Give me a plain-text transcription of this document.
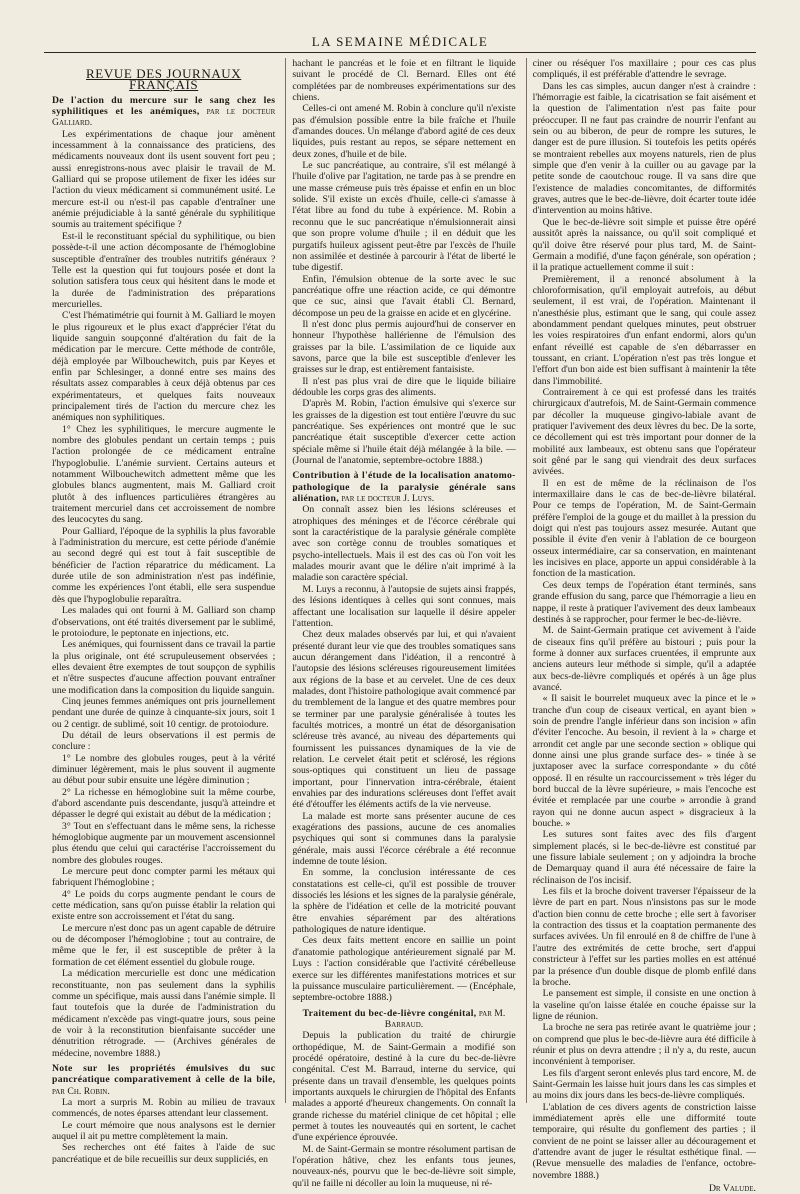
LA SEMAINE MÉDICALE
REVUE DES JOURNAUX FRANÇAIS

De l'action du mercure sur le sang chez les syphilitiques et les anémiques, par le docteur Galliard.

Les expérimentations de chaque jour amènent incessamment à la connaissance des praticiens, des médicaments nouveaux dont ils usent souvent fort peu ; aussi enregistrons-nous avec plaisir le travail de M. Galliard qui se propose utilement de fixer les idées sur l'action du vieux médicament si communément usité. Le mercure est-il ou n'est-il pas capable d'entraîner une anémie préjudiciable à la santé générale du syphilitique soumis au traitement spécifique ?

Est-il le reconstituant spécial du syphilitique, ou bien possède-t-il une action décomposante de l'hémoglobine susceptible d'entraîner des troubles nutritifs généraux ? Telle est la question qui fut toujours posée et dont la solution satisfera tous ceux qui hésitent dans le mode et la durée de l'administration des préparations mercurielles.

C'est l'hématimétrie qui fournit à M. Galliard le moyen le plus rigoureux et le plus exact d'apprécier l'état du liquide sanguin soupçonné d'altération du fait de la médication par le mercure. Cette méthode de contrôle, déjà employée par Wilbouchewitch, puis par Keyes et enfin par Schlesinger, a donné entre ses mains des résultats assez comparables à ceux déjà obtenus par ces expérimentateurs, et quelques faits nouveaux principalement tirés de l'action du mercure chez les anémiques non syphilitiques.

1° Chez les syphilitiques, le mercure augmente le nombre des globules pendant un certain temps ; puis l'action prolongée de ce médicament entraîne l'hypoglobulie. L'anémie survient. Certains auteurs et notamment Wilbouchewitch admettent même que les globules blancs augmentent, mais M. Galliard croit plutôt à des influences particulières étrangères au traitement mercuriel dans cet accroissement de nombre des leucocytes du sang.

Pour Galliard, l'époque de la syphilis la plus favorable à l'administration du mercure, est cette période d'anémie au second degré qui est tout à fait susceptible de bénéficier de l'action réparatrice du médicament. La durée utile de son administration n'est pas indéfinie, comme les expériences l'ont établi, elle sera suspendue dès que l'hypoglobulie reparaîtra.

Les malades qui ont fourni à M. Galliard son champ d'observations, ont été traités diversement par le sublimé, le protoiodure, le peptonate en injections, etc.

Les anémiques, qui fournissent dans ce travail la partie la plus originale, ont été scrupuleusement observées ; elles devaient être exemptes de tout soupçon de syphilis et n'être suspectes d'aucune affection pouvant entraîner une modification dans la composition du liquide sanguin.

Cinq jeunes femmes anémiques ont pris journellement pendant une durée de quinze à cinquante-six jours, soit 1 ou 2 centigr. de sublimé, soit 10 centigr. de protoiodure.

Du détail de leurs observations il est permis de conclure :

1° Le nombre des globules rouges, peut à la vérité diminuer légèrement, mais le plus souvent il augmente au début pour subir ensuite une légère diminution ;

2° La richesse en hémoglobine suit la même courbe, d'abord ascendante puis descendante, jusqu'à atteindre et dépasser le degré qui existait au début de la médication ;

3° Tout en s'effectuant dans le même sens, la richesse hémoglobique augmente par un mouvement ascensionnel plus étendu que celui qui caractérise l'accroissement du nombre des globules rouges.

Le mercure peut donc compter parmi les métaux qui fabriquent l'hémoglobine ;

4° Le poids du corps augmente pendant le cours de cette médication, sans qu'on puisse établir la relation qui existe entre son accroissement et l'état du sang.

Le mercure n'est donc pas un agent capable de détruire ou de décomposer l'hémoglobine ; tout au contraire, de même que le fer, il est susceptible de prêter à la formation de cet élément essentiel du globule rouge.

La médication mercurielle est donc une médication reconstituante, non pas seulement dans la syphilis comme un spécifique, mais aussi dans l'anémie simple. Il faut toutefois que la durée de l'administration du médicament n'excède pas vingt-quatre jours, sous peine de voir à la reconstitution bienfaisante succéder une dénutrition rétrograde. — (Archives générales de médecine, novembre 1888.)

Note sur les propriétés émulsives du suc pancréatique comparativement à celle de la bile, par Ch. Robin.

La mort a surpris M. Robin au milieu de travaux commencés, de notes éparses attendant leur classement.

Le court mémoire que nous analysons est le dernier auquel il ait pu mettre complètement la main.

Ses recherches ont été faites à l'aide de suc pancréatique et de bile recueillis sur deux suppliciés, en

hachant le pancréas et le foie et en filtrant le liquide suivant le procédé de Cl. Bernard. Elles ont été complétées par de nombreuses expérimentations sur des chiens.

Celles-ci ont amené M. Robin à conclure qu'il n'existe pas d'émulsion possible entre la bile fraîche et l'huile d'amandes douces. Un mélange d'abord agité de ces deux liquides, puis restant au repos, se sépare nettement en deux zones, d'huile et de bile.

Le suc pancréatique, au contraire, s'il est mélangé à l'huile d'olive par l'agitation, ne tarde pas à se prendre en une masse crémeuse puis très épaisse et enfin en un bloc solide. S'il existe un excès d'huile, celle-ci s'amasse à l'état libre au fond du tube à expérience. M. Robin a reconnu que le suc pancréatique n'émulsionnerait ainsi que son propre volume d'huile ; il en déduit que les purgatifs huileux agissent peut-être par l'excès de l'huile non assimilée et destinée à parcourir à l'état de liberté le tube digestif.

Enfin, l'émulsion obtenue de la sorte avec le suc pancréatique offre une réaction acide, ce qui démontre que ce suc, ainsi que l'avait établi Cl. Bernard, décompose un peu de la graisse en acide et en glycérine.

Il n'est donc plus permis aujourd'hui de conserver en honneur l'hypothèse hallérienne de l'émulsion des graisses par la bile. L'assimilation de ce liquide aux savons, parce que la bile est susceptible d'enlever les graisses sur le drap, est entièrement fantaisiste.

Il n'est pas plus vrai de dire que le liquide biliaire dédouble les corps gras des aliments.

D'après M. Robin, l'action émulsive qui s'exerce sur les graisses de la digestion est tout entière l'œuvre du suc pancréatique. Ses expériences ont montré que le suc pancréatique était susceptible d'exercer cette action spéciale même si l'huile était déjà mélangée à la bile. — (Journal de l'anatomie, septembre-octobre 1888.)

Contribution à l'étude de la localisation anatomo-pathologique de la paralysie générale sans aliénation, par le docteur J. Luys.

On connaît assez bien les lésions scléreuses et atrophiques des méninges et de l'écorce cérébrale qui sont la caractéristique de la paralysie générale complète avec son cortège connu de troubles somatiques et psycho-intellectuels. Mais il est des cas où l'on voit les malades mourir avant que le délire n'ait imprimé à la maladie son caractère spécial.

M. Luys a reconnu, à l'autopsie de sujets ainsi frappés, des lésions identiques à celles qui sont connues, mais affectant une localisation sur laquelle il désire appeler l'attention.

Chez deux malades observés par lui, et qui n'avaient présenté durant leur vie que des troubles somatiques sans aucun dérangement dans l'idéation, il a rencontré à l'autopsie des lésions scléreuses rigoureusement limitées aux régions de la base et au cervelet. Une de ces deux malades, dont l'histoire pathologique avait commencé par du tremblement de la langue et des quatre membres pour se terminer par une paralysie généralisée à toutes les facultés motrices, a montré un état de désorganisation scléreuse très avancé, au niveau des départements qui fournissent les puissances dynamiques de la vie de relation. Le cervelet était petit et sclérosé, les régions sous-optiques qui constituent un lieu de passage important, pour l'innervation intra-cérébrale, étaient envahies par des indurations scléreuses dont l'effet avait été d'étouffer les éléments actifs de la vie nerveuse.

La malade est morte sans présenter aucune de ces exagérations des passions, aucune de ces anomalies psychiques qui sont si communes dans la paralysie générale, mais aussi l'écorce cérébrale a été reconnue indemne de toute lésion.

En somme, la conclusion intéressante de ces constatations est celle-ci, qu'il est possible de trouver dissociés les lésions et les signes de la paralysie générale, la sphère de l'idéation et celle de la motricité pouvant être envahies séparément par des altérations pathologiques de nature identique.

Ces deux faits mettent encore en saillie un point d'anatomie pathologique antérieurement signalé par M. Luys : l'action considérable que l'activité cérébelleuse exerce sur les différentes manifestations motrices et sur la puissance musculaire particulièrement. — (Encéphale, septembre-octobre 1888.)

Traitement du bec-de-lièvre congénital, par M. Barraud.

Depuis la publication du traité de chirurgie orthopédique, M. de Saint-Germain a modifié son procédé opératoire, destiné à la cure du bec-de-lièvre congénital. C'est M. Barraud, interne du service, qui présente dans un travail d'ensemble, les quelques points importants auxquels le chirurgien de l'hôpital des Enfants malades a apporté d'heureux changements. On connaît la grande richesse du matériel clinique de cet hôpital ; elle permet à toutes les nouveautés qui en sortent, le cachet d'une expérience éprouvée.

M. de Saint-Germain se montre résolument partisan de l'opération hâtive, chez les enfants tous jeunes, nouveaux-nés, pourvu que le bec-de-lièvre soit simple, qu'il ne faille ni décoller au loin la muqueuse, ni ré-

ciner ou réséquer l'os maxillaire ; pour ces cas plus compliqués, il est préférable d'attendre le sevrage.

Dans les cas simples, aucun danger n'est à craindre : l'hémorragie est faible, la cicatrisation se fait aisément et la question de l'alimentation n'est pas faite pour préoccuper. Il ne faut pas craindre de nourrir l'enfant au sein ou au biberon, de peur de rompre les sutures, le danger est de pure illusion. Si toutefois les petits opérés se montraient rebelles aux moyens naturels, rien de plus simple que d'en venir à la cuiller ou au gavage par la petite sonde de caoutchouc rouge. Il va sans dire que l'existence de maladies concomitantes, de difformités graves, autres que le bec-de-lièvre, doit écarter toute idée d'intervention au moins hâtive.

Que le bec-de-lièvre soit simple et puisse être opéré aussitôt après la naissance, ou qu'il soit compliqué et qu'il doive être réservé pour plus tard, M. de Saint-Germain a modifié, d'une façon générale, son opération ; il la pratique actuellement comme il suit :

Premièrement, il a renoncé absolument à la chloroformisation, qu'il employait autrefois, au début seulement, il est vrai, de l'opération. Maintenant il n'anesthésie plus, estimant que le sang, qui coule assez abondamment pendant quelques minutes, peut obstruer les voies respiratoires d'un enfant endormi, alors qu'un enfant réveillé est capable de s'en débarrasser en toussant, en criant. L'opération n'est pas très longue et l'effort d'un bon aide est bien suffisant à maintenir la tête dans l'immobilité.

Contrairement à ce qui est professé dans les traités chirurgicaux d'autrefois, M. de Saint-Germain commence par décoller la muqueuse gingivo-labiale avant de pratiquer l'avivement des deux lèvres du bec. De la sorte, ce décollement qui est très important pour donner de la mobilité aux lambeaux, est obtenu sans que l'opérateur soit gêné par le sang qui viendrait des deux surfaces avivées.

Il en est de même de la réclinaison de l'os intermaxillaire dans le cas de bec-de-lièvre bilatéral. Pour ce temps de l'opération, M. de Saint-Germain préfère l'emploi de la gouge et du maillet à la pression du doigt qui n'est pas toujours assez mesurée. Autant que possible il évite d'en venir à l'ablation de ce bourgeon osseux intermédiaire, car sa conservation, en maintenant les incisives en place, apporte un appui considérable à la fonction de la mastication.

Ces deux temps de l'opération étant terminés, sans grande effusion du sang, parce que l'hémorragie a lieu en nappe, il reste à pratiquer l'avivement des deux lambeaux destinés à se rapprocher, pour fermer le bec-de-lièvre.

M. de Saint-Germain pratique cet avivement à l'aide de ciseaux fins qu'il préfère au bistouri ; puis pour la forme à donner aux surfaces cruentées, il emprunte aux anciens auteurs leur méthode si simple, qu'il a adaptée aux becs-de-lièvre compliqués et opérés à un âge plus avancé.

« Il saisit le bourrelet muqueux avec la pince et le » tranche d'un coup de ciseaux vertical, en ayant bien » soin de prendre l'angle inférieur dans son incision » afin d'éviter l'encoche. Au besoin, il revient à la » charge et arrondit cet angle par une seconde section » oblique qui donne ainsi une plus grande surface des- » tinée à se juxtaposer avec la surface correspondante » du côté opposé. Il en résulte un raccourcissement » très léger du bord buccal de la lèvre supérieure, » mais l'encoche est évitée et remplacée par une courbe » arrondie à grand rayon qui ne donne aucun aspect » disgracieux à la bouche. »

Les sutures sont faites avec des fils d'argent simplement placés, si le bec-de-lièvre est constitué par une fissure labiale seulement ; on y adjoindra la broche de Demarquay quand il aura été nécessaire de faire la réclinaison de l'os incisif.

Les fils et la broche doivent traverser l'épaisseur de la lèvre de part en part. Nous n'insistons pas sur le mode d'action bien connu de cette broche ; elle sert à favoriser la contraction des tissus et la coaptation permanente des surfaces avivées. Un fil enroulé en 8 de chiffre de l'une à l'autre des extrémités de cette broche, sert d'appui constricteur à l'effet sur les parties molles en est atténué par la présence d'un double disque de plomb enfilé dans la broche.

Le pansement est simple, il consiste en une onction à la vaseline qu'on laisse étalée en couche épaisse sur la ligne de réunion.

La broche ne sera pas retirée avant le quatrième jour ; on comprend que plus le bec-de-lièvre aura été difficile à réunir et plus on devra attendre ; il n'y a, du reste, aucun inconvénient à temporiser.

Les fils d'argent seront enlevés plus tard encore, M. de Saint-Germain les laisse huit jours dans les cas simples et au moins dix jours dans les becs-de-lièvre compliqués.

L'ablation de ces divers agents de constriction laisse immédiatement après elle une difformité toute temporaire, qui résulte du gonflement des parties ; il convient de ne point se laisser aller au découragement et d'attendre avant de juger le résultat esthétique final. — (Revue mensuelle des maladies de l'enfance, octobre-novembre 1888.)

Dr Valude.
